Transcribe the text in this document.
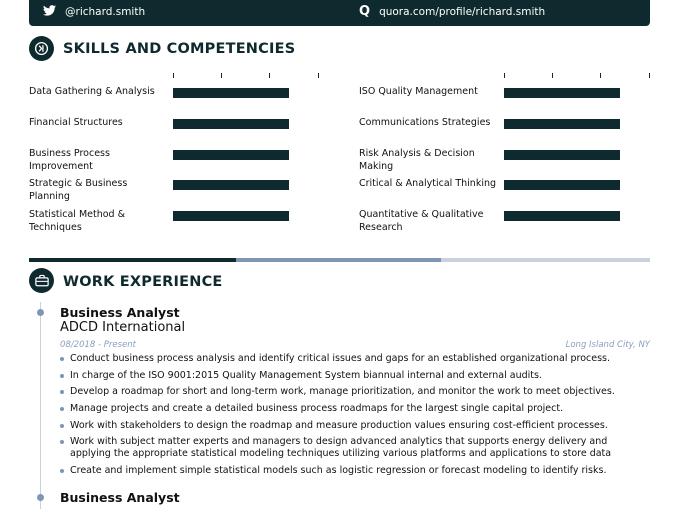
@richard.smith	Q quora.com/profile/richard.smith
SKILLS AND COMPETENCIES
Data Gathering & Analysis
Financial Structures
Business Process Improvement
Strategic & Business Planning
Statistical Method & Techniques
ISO Quality Management
Communications Strategies
Risk Analysis & Decision Making
Critical & Analytical Thinking
Quantitative & Qualitative Research
WORK EXPERIENCE
Business Analyst
ADCD International
08/2018 - Present	Long Island City, NY
Conduct business process analysis and identify critical issues and gaps for an established organizational process.
In charge of the ISO 9001:2015 Quality Management System biannual internal and external audits.
Develop a roadmap for short and long-term work, manage prioritization, and monitor the work to meet objectives.
Manage projects and create a detailed business process roadmaps for the largest single capital project.
Work with stakeholders to design the roadmap and measure production values ensuring cost-efficient processes.
Work with subject matter experts and managers to design advanced analytics that supports energy delivery and applying the appropriate statistical modeling techniques utilizing various platforms and applications to store data
Create and implement simple statistical models such as logistic regression or forecast modeling to identify risks.
Business Analyst
